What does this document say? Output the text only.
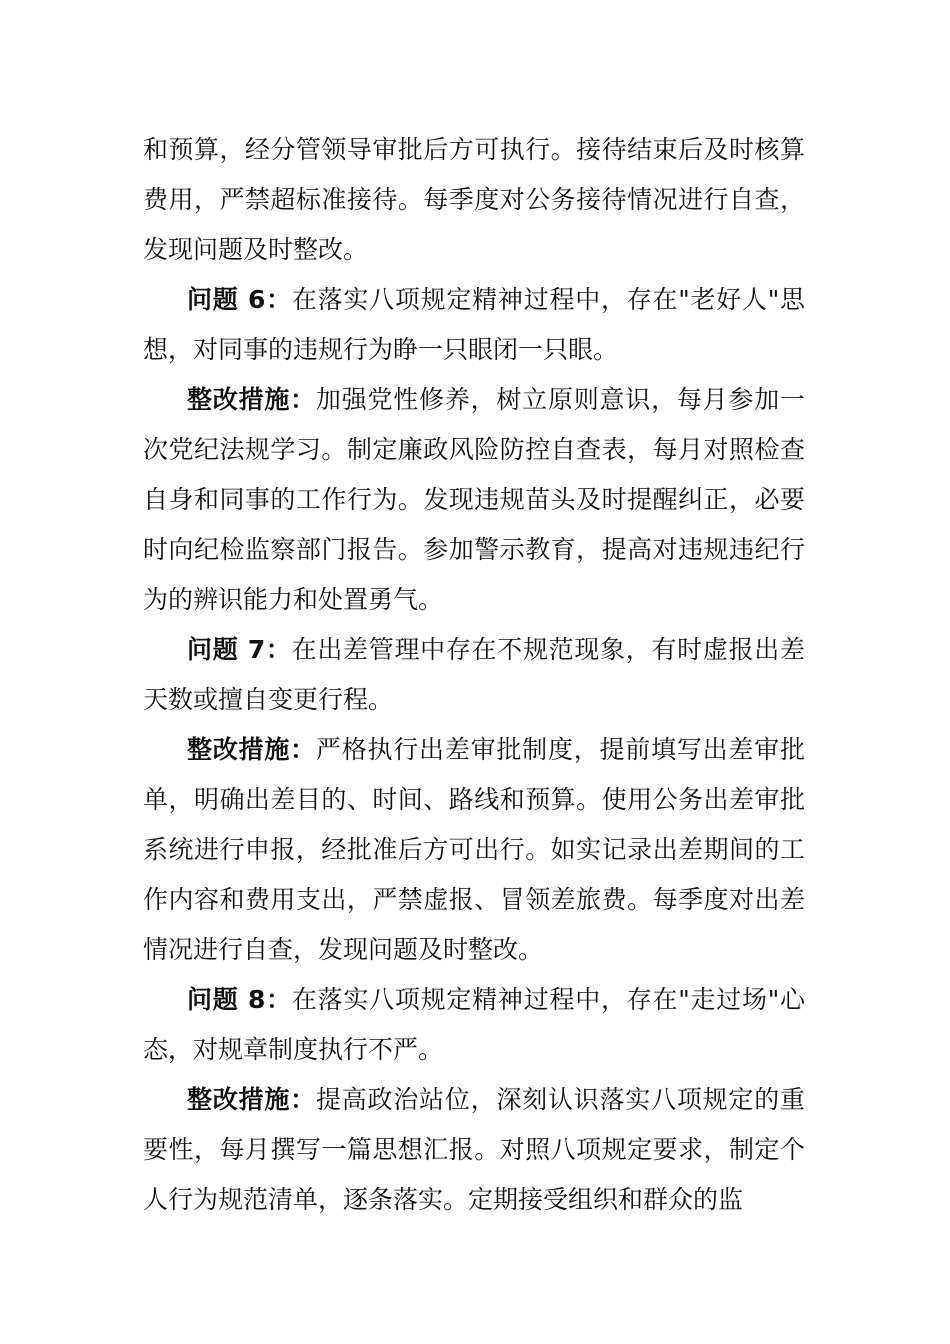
和预算，经分管领导审批后方可执行。接待结束后及时核算费用，严禁超标准接待。每季度对公务接待情况进行自查，发现问题及时整改。

问题 6：在落实八项规定精神过程中，存在"老好人"思想，对同事的违规行为睁一只眼闭一只眼。

整改措施：加强党性修养，树立原则意识，每月参加一次党纪法规学习。制定廉政风险防控自查表，每月对照检查自身和同事的工作行为。发现违规苗头及时提醒纠正，必要时向纪检监察部门报告。参加警示教育，提高对违规违纪行为的辨识能力和处置勇气。

问题 7：在出差管理中存在不规范现象，有时虚报出差天数或擅自变更行程。

整改措施：严格执行出差审批制度，提前填写出差审批单，明确出差目的、时间、路线和预算。使用公务出差审批系统进行申报，经批准后方可出行。如实记录出差期间的工作内容和费用支出，严禁虚报、冒领差旅费。每季度对出差情况进行自查，发现问题及时整改。

问题 8：在落实八项规定精神过程中，存在"走过场"心态，对规章制度执行不严。

整改措施：提高政治站位，深刻认识落实八项规定的重要性，每月撰写一篇思想汇报。对照八项规定要求，制定个人行为规范清单，逐条落实。定期接受组织和群众的监
